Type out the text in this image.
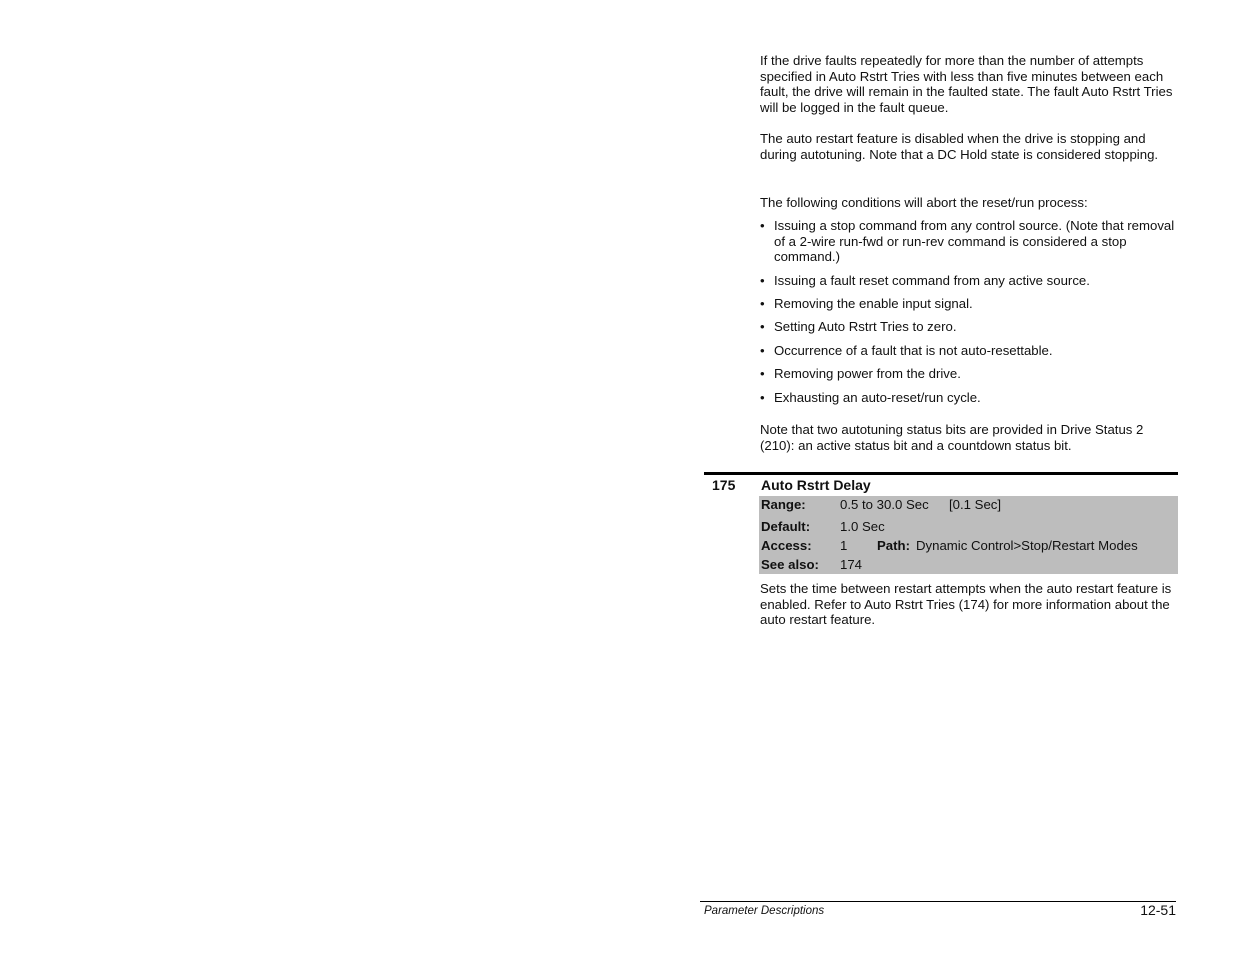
If the drive faults repeatedly for more than the number of attempts specified in Auto Rstrt Tries with less than five minutes between each fault, the drive will remain in the faulted state. The fault Auto Rstrt Tries will be logged in the fault queue.

The auto restart feature is disabled when the drive is stopping and during autotuning. Note that a DC Hold state is considered stopping.

The following conditions will abort the reset/run process:

• Issuing a stop command from any control source. (Note that removal of a 2-wire run-fwd or run-rev command is considered a stop command.)
• Issuing a fault reset command from any active source.
• Removing the enable input signal.
• Setting Auto Rstrt Tries to zero.
• Occurrence of a fault that is not auto-resettable.
• Removing power from the drive.
• Exhausting an auto-reset/run cycle.

Note that two autotuning status bits are provided in Drive Status 2 (210): an active status bit and a countdown status bit.

175 Auto Rstrt Delay
Range:	0.5 to 30.0 Sec [0.1 Sec]
Default: 1.0 Sec
Access: 1 Path: Dynamic Control>Stop/Restart Modes
See also: 174

Sets the time between restart attempts when the auto restart feature is enabled. Refer to Auto Rstrt Tries (174) for more information about the auto restart feature.

Parameter Descriptions	12-51
